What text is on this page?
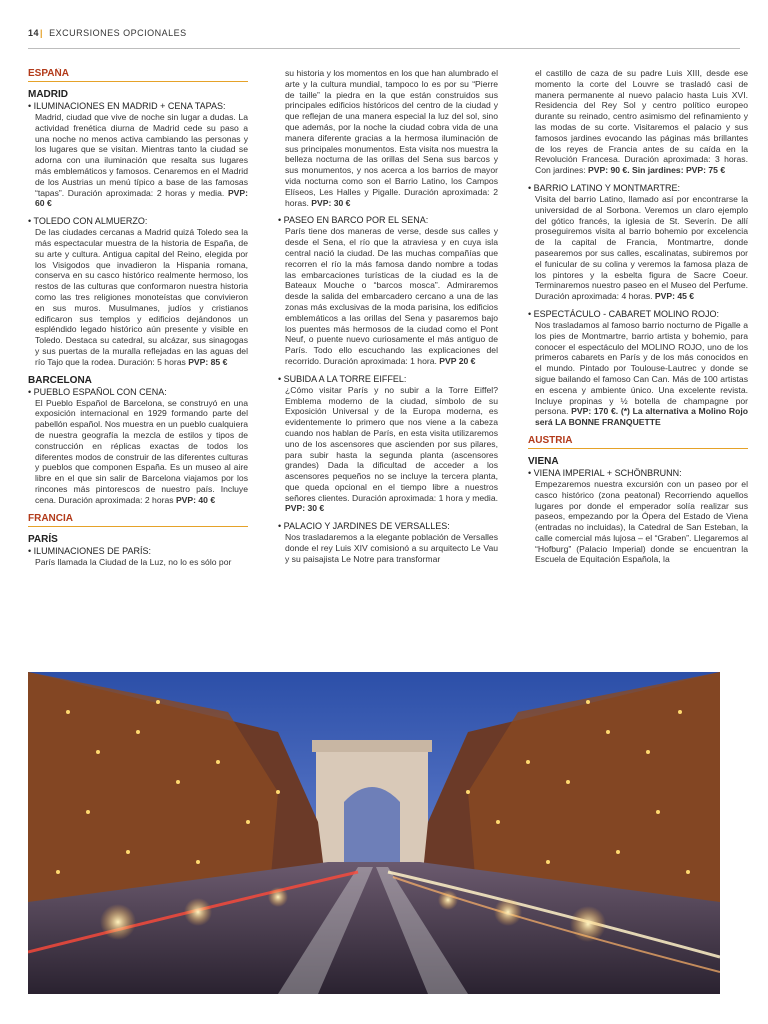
14| EXCURSIONES OPCIONALES
ESPAÑA
MADRID
• ILUMINACIONES EN MADRID + CENA TAPAS:
Madrid, ciudad que vive de noche sin lugar a dudas. La actividad frenética diurna de Madrid cede su paso a una noche no menos activa cambiando las personas y los lugares que se visitan. Mientras tanto la ciudad se adorna con una iluminación que resalta sus lugares más emblemáticos y famosos. Cenaremos en el Madrid de los Austrias un menú típico a base de las famosas “tapas”. Duración aproximada: 2 horas y media. PVP: 60 €
• TOLEDO CON ALMUERZO:
De las ciudades cercanas a Madrid quizá Toledo sea la más espectacular muestra de la historia de España, de su arte y cultura. Antigua capital del Reino, elegida por los Visigodos que invadieron la Hispania romana, conserva en su casco histórico realmente hermoso, los restos de las culturas que conformaron nuestra historia como las tres religiones monoteístas que convivieron en sus muros. Musulmanes, judíos y cristianos edificaron sus templos y edificios dejándonos un espléndido legado histórico aún presente y visible en Toledo. Destaca su catedral, su alcázar, sus sinagogas y sus puertas de la muralla reflejadas en las aguas del río Tajo que la rodea. Duración: 5 horas PVP: 85 €
BARCELONA
• PUEBLO ESPAÑOL CON CENA:
El Pueblo Español de Barcelona, se construyó en una exposición internacional en 1929 formando parte del pabellón español. Nos muestra en un pueblo cualquiera de nuestra geografía la mezcla de estilos y tipos de construcción en réplicas exactas de todos los diferentes modos de construir de las diferentes culturas y pueblos que componen España. Es un museo al aire libre en el que sin salir de Barcelona viajamos por los rincones más pintorescos de nuestro país. Incluye cena. Duración aproximada: 2 horas PVP: 40 €
FRANCIA
PARÍS
• ILUMINACIONES DE PARÍS:
París llamada la Ciudad de la Luz, no lo es sólo por
su historia y los momentos en los que han alumbrado el arte y la cultura mundial, tampoco lo es por su “Pierre de taille” la piedra en la que están construidos sus principales edificios históricos del centro de la ciudad y que reflejan de una manera especial la luz del sol, sino que además, por la noche la ciudad cobra vida de una manera diferente gracias a la hermosa iluminación de sus principales monumentos. Esta visita nos muestra la belleza nocturna de las orillas del Sena sus barcos y sus monumentos, y nos acerca a los barrios de mayor vida nocturna como son el Barrio Latino, los Campos Elíseos, Les Halles y Pigalle. Duración aproximada: 2 horas. PVP: 30 €
• PASEO EN BARCO POR EL SENA:
París tiene dos maneras de verse, desde sus calles y desde el Sena, el río que la atraviesa y en cuya isla central nació la ciudad. De las muchas compañías que recorren el río la más famosa dando nombre a todas las embarcaciones turísticas de la ciudad es la de Bateaux Mouche o “barcos mosca”. Admiraremos desde la salida del embarcadero cercano a una de las zonas más exclusivas de la moda parisina, los edificios emblemáticos a las orillas del Sena y pasaremos bajo los puentes más hermosos de la ciudad como el Pont Neuf, o puente nuevo curiosamente el más antiguo de París. Todo ello escuchando las explicaciones del recorrido. Duración aproximada: 1 hora. PVP 20 €
• SUBIDA A LA TORRE EIFFEL:
¿Cómo visitar París y no subir a la Torre Eiffel? Emblema moderno de la ciudad, símbolo de su Exposición Universal y de la Europa moderna, es evidentemente lo primero que nos viene a la cabeza cuando nos hablan de París, en esta visita utilizaremos uno de los ascensores que ascienden por sus pilares, para subir hasta la segunda planta (ascensores grandes) Dada la dificultad de acceder a los ascensores pequeños no se incluye la tercera planta, que queda opcional en el tiempo libre a nuestros señores clientes. Duración aproximada: 1 hora y media. PVP: 30 €
• PALACIO Y JARDINES DE VERSALLES:
Nos trasladaremos a la elegante población de Versalles donde el rey Luis XIV comisionó a su arquitecto Le Vau y su paisajista Le Notre para transformar
el castillo de caza de su padre Luis XIII, desde ese momento la corte del Louvre se trasladó casi de manera permanente al nuevo palacio hasta Luis XVI. Residencia del Rey Sol y centro político europeo durante su reinado, centro asimismo del refinamiento y las modas de su corte. Visitaremos el palacio y sus famosos jardines evocando las páginas más brillantes de los reyes de Francia antes de su caída en la Revolución Francesa. Duración aproximada: 3 horas. Con jardines: PVP: 90 €. Sin jardines: PVP: 75 €
• BARRIO LATINO Y MONTMARTRE:
Visita del barrio Latino, llamado así por encontrarse la universidad de al Sorbona. Veremos un claro ejemplo del gótico francés, la iglesia de St. Severín. De allí proseguiremos visita al barrio bohemio por excelencia de la capital de Francia, Montmartre, donde pasearemos por sus calles, escalinatas, subiremos por el funicular de su colina y veremos la famosa plaza de los pintores y la esbelta figura de Sacre Coeur. Terminaremos nuestro paseo en el Museo del Perfume. Duración aproximada: 4 horas. PVP: 45 €
• ESPECTÁCULO - CABARET MOLINO ROJO:
Nos trasladamos al famoso barrio nocturno de Pigalle a los pies de Montmartre, barrio artista y bohemio, para conocer el espectáculo del MOLINO ROJO, uno de los primeros cabarets en París y de los más conocidos en el mundo. Pintado por Toulouse-Lautrec y donde se sigue bailando el famoso Can Can. Más de 100 artistas en escena y ambiente único. Una excelente revista. Incluye propinas y ½ botella de champagne por persona. PVP: 170 €. (*) La alternativa a Molino Rojo será LA BONNE FRANQUETTE
AUSTRIA
VIENA
• VIENA IMPERIAL + SCHÖNBRUNN:
Empezaremos nuestra excursión con un paseo por el casco histórico (zona peatonal) Recorriendo aquellos lugares por donde el emperador solía realizar sus paseos, empezando por la Ópera del Estado de Viena (entradas no incluidas), la Catedral de San Esteban, la calle comercial más lujosa – el “Graben”. Llegaremos al “Hofburg” (Palacio Imperial) donde se encuentran la Escuela de Equitación Española, la
